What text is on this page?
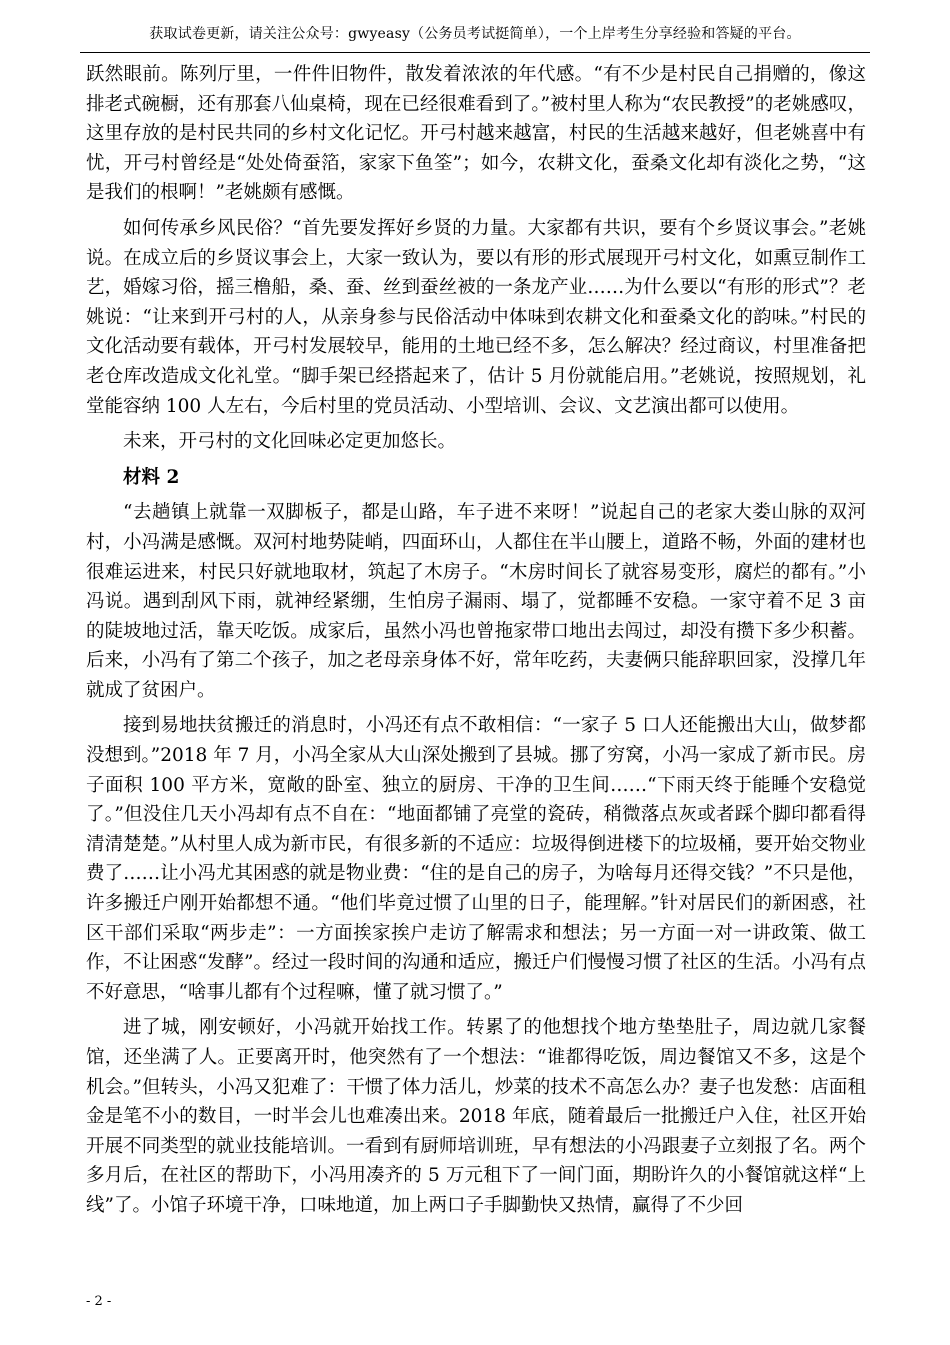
获取试卷更新，请关注公众号：gwyeasy（公务员考试挺简单），一个上岸考生分享经验和答疑的平台。

跃然眼前。陈列厅里，一件件旧物件，散发着浓浓的年代感。“有不少是村民自己捐赠的，像这排老式碗橱，还有那套八仙桌椅，现在已经很难看到了。”被村里人称为“农民教授”的老姚感叹，这里存放的是村民共同的乡村文化记忆。开弓村越来越富，村民的生活越来越好，但老姚喜中有忧，开弓村曾经是“处处倚蚕箔，家家下鱼筌”；如今，农耕文化，蚕桑文化却有淡化之势，“这是我们的根啊！”老姚颇有感慨。

如何传承乡风民俗？“首先要发挥好乡贤的力量。大家都有共识，要有个乡贤议事会。”老姚说。在成立后的乡贤议事会上，大家一致认为，要以有形的形式展现开弓村文化，如熏豆制作工艺，婚嫁习俗，摇三橹船，桑、蚕、丝到蚕丝被的一条龙产业……为什么要以“有形的形式”？老姚说：“让来到开弓村的人，从亲身参与民俗活动中体味到农耕文化和蚕桑文化的韵味。”村民的文化活动要有载体，开弓村发展较早，能用的土地已经不多，怎么解决？经过商议，村里准备把老仓库改造成文化礼堂。“脚手架已经搭起来了，估计 5 月份就能启用。”老姚说，按照规划，礼堂能容纳 100 人左右，今后村里的党员活动、小型培训、会议、文艺演出都可以使用。

未来，开弓村的文化回味必定更加悠长。

材料 2

“去趟镇上就靠一双脚板子，都是山路，车子进不来呀！”说起自己的老家大娄山脉的双河村，小冯满是感慨。双河村地势陡峭，四面环山，人都住在半山腰上，道路不畅，外面的建材也很难运进来，村民只好就地取材，筑起了木房子。“木房时间长了就容易变形，腐烂的都有。”小冯说。遇到刮风下雨，就神经紧绷，生怕房子漏雨、塌了，觉都睡不安稳。一家守着不足 3 亩的陡坡地过活，靠天吃饭。成家后，虽然小冯也曾拖家带口地出去闯过，却没有攒下多少积蓄。后来，小冯有了第二个孩子，加之老母亲身体不好，常年吃药，夫妻俩只能辞职回家，没撑几年就成了贫困户。

接到易地扶贫搬迁的消息时，小冯还有点不敢相信：“一家子 5 口人还能搬出大山，做梦都没想到。”2018 年 7 月，小冯全家从大山深处搬到了县城。挪了穷窝，小冯一家成了新市民。房子面积 100 平方米，宽敞的卧室、独立的厨房、干净的卫生间……“下雨天终于能睡个安稳觉了。”但没住几天小冯却有点不自在：“地面都铺了亮堂的瓷砖，稍微落点灰或者踩个脚印都看得清清楚楚。”从村里人成为新市民，有很多新的不适应：垃圾得倒进楼下的垃圾桶，要开始交物业费了……让小冯尤其困惑的就是物业费：“住的是自己的房子，为啥每月还得交钱？”不只是他，许多搬迁户刚开始都想不通。“他们毕竟过惯了山里的日子，能理解。”针对居民们的新困惑，社区干部们采取“两步走”：一方面挨家挨户走访了解需求和想法；另一方面一对一讲政策、做工作，不让困惑“发酵”。经过一段时间的沟通和适应，搬迁户们慢慢习惯了社区的生活。小冯有点不好意思，“啥事儿都有个过程嘛，懂了就习惯了。”

进了城，刚安顿好，小冯就开始找工作。转累了的他想找个地方垫垫肚子，周边就几家餐馆，还坐满了人。正要离开时，他突然有了一个想法：“谁都得吃饭，周边餐馆又不多，这是个机会。”但转头，小冯又犯难了：干惯了体力活儿，炒菜的技术不高怎么办？妻子也发愁：店面租金是笔不小的数目，一时半会儿也难凑出来。2018 年底，随着最后一批搬迁户入住，社区开始开展不同类型的就业技能培训。一看到有厨师培训班，早有想法的小冯跟妻子立刻报了名。两个多月后，在社区的帮助下，小冯用凑齐的 5 万元租下了一间门面，期盼许久的小餐馆就这样“上线”了。小馆子环境干净，口味地道，加上两口子手脚勤快又热情，赢得了不少回

- 2 -
